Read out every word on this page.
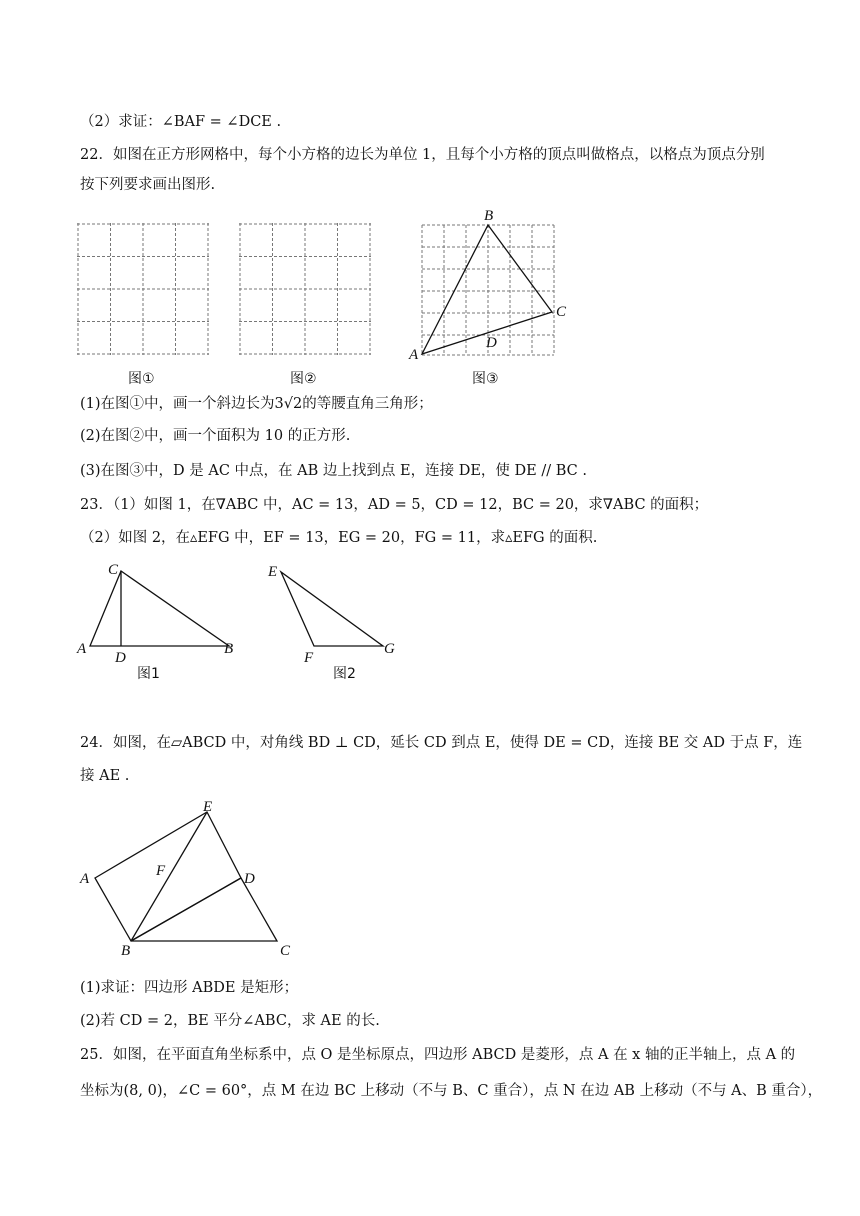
（2）求证：∠BAF = ∠DCE .
22．如图在正方形网格中，每个小方格的边长为单位 1，且每个小方格的顶点叫做格点，以格点为顶点分别
按下列要求画出图形.
B
C
A
D
图①	图②	图③
(1)在图①中，画一个斜边长为3√2的等腰直角三角形；
(2)在图②中，画一个面积为 10 的正方形.
(3)在图③中，D 是 AC 中点，在 AB 边上找到点 E，连接 DE，使 DE // BC .
23．（1）如图 1，在∇ABC 中，AC = 13，AD = 5，CD = 12，BC = 20，求∇ABC 的面积；
（2）如图 2，在▵EFG 中，EF = 13，EG = 20，FG = 11，求▵EFG 的面积.
C
A
D
B
E
F
G
图1	图2
24．如图，在▱ABCD 中，对角线 BD ⊥ CD，延长 CD 到点 E，使得 DE = CD，连接 BE 交 AD 于点 F，连
接 AE .
E
A	F	D
B	C
(1)求证：四边形 ABDE 是矩形；
(2)若 CD = 2，BE 平分∠ABC，求 AE 的长.
25．如图，在平面直角坐标系中，点 O 是坐标原点，四边形 ABCD 是菱形，点 A 在 x 轴的正半轴上，点 A 的
坐标为(8, 0)，∠C = 60°，点 M 在边 BC 上移动（不与 B、C 重合），点 N 在边 AB 上移动（不与 A、B 重合），
